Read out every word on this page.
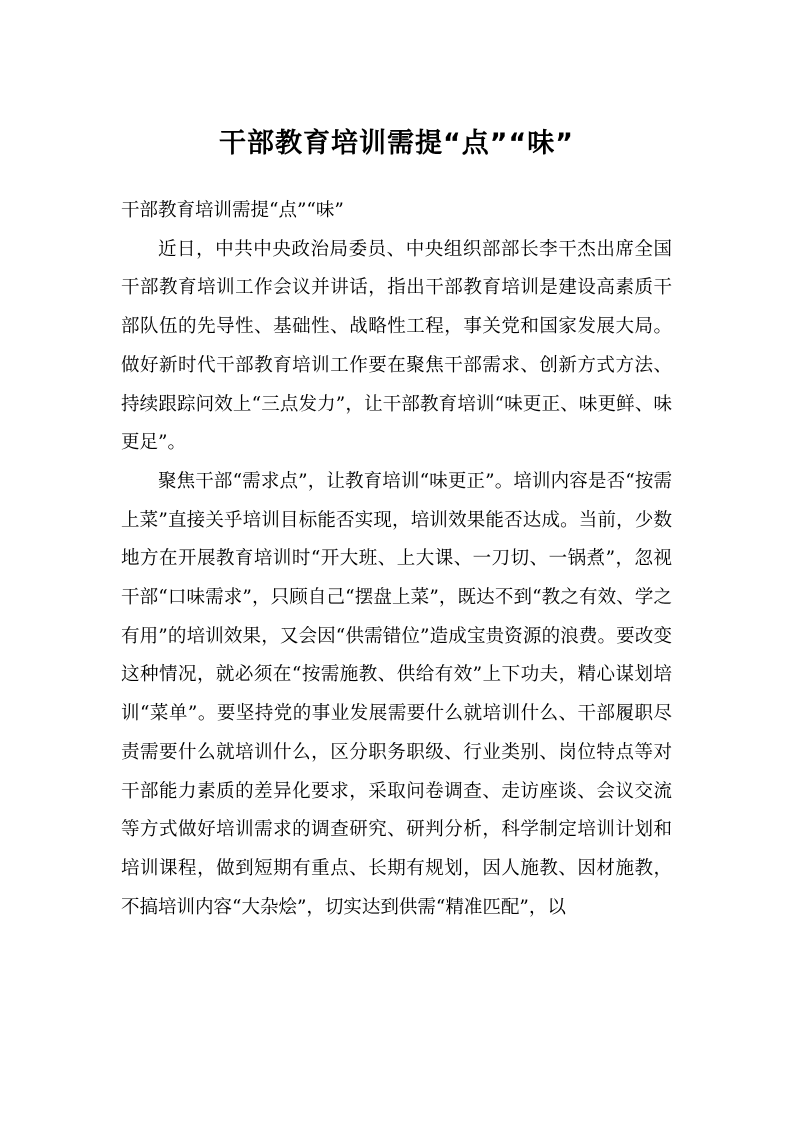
干部教育培训需提“点”“味”

干部教育培训需提“点”“味”

近日，中共中央政治局委员、中央组织部部长李干杰出席全国干部教育培训工作会议并讲话，指出干部教育培训是建设高素质干部队伍的先导性、基础性、战略性工程，事关党和国家发展大局。做好新时代干部教育培训工作要在聚焦干部需求、创新方式方法、持续跟踪问效上“三点发力”，让干部教育培训“味更正、味更鲜、味更足”。

聚焦干部“需求点”，让教育培训“味更正”。培训内容是否“按需上菜”直接关乎培训目标能否实现，培训效果能否达成。当前，少数地方在开展教育培训时“开大班、上大课、一刀切、一锅煮”，忽视干部“口味需求”，只顾自己“摆盘上菜”，既达不到“教之有效、学之有用”的培训效果，又会因“供需错位”造成宝贵资源的浪费。要改变这种情况，就必须在“按需施教、供给有效”上下功夫，精心谋划培训“菜单”。要坚持党的事业发展需要什么就培训什么、干部履职尽责需要什么就培训什么，区分职务职级、行业类别、岗位特点等对干部能力素质的差异化要求，采取问卷调查、走访座谈、会议交流等方式做好培训需求的调查研究、研判分析，科学制定培训计划和培训课程，做到短期有重点、长期有规划，因人施教、因材施教，不搞培训内容“大杂烩”，切实达到供需“精准匹配”，以
